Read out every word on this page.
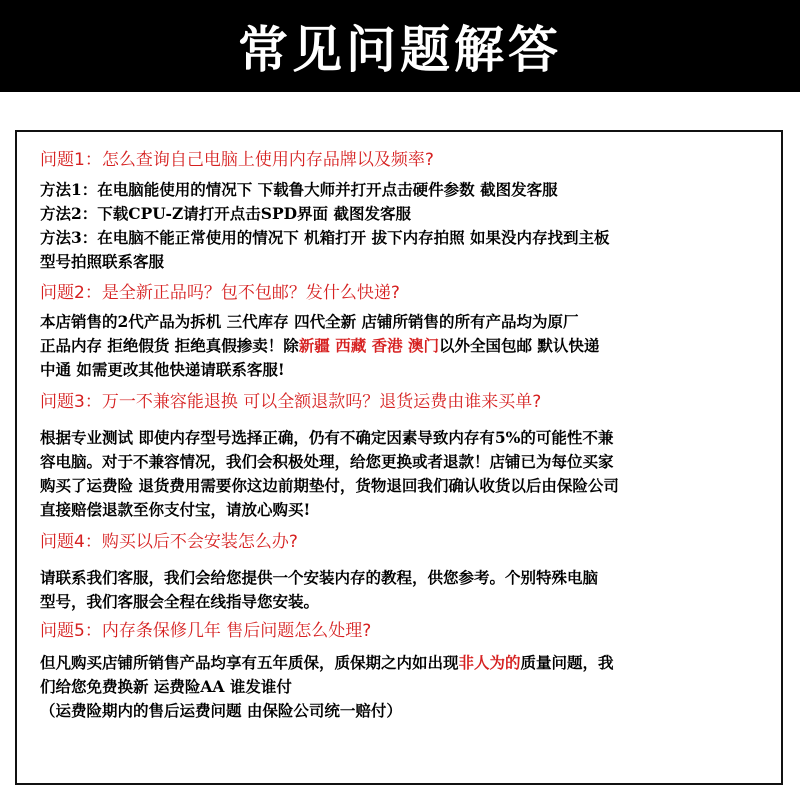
常见问题解答
问题1：怎么查询自己电脑上使用内存品牌以及频率?
方法1：在电脑能使用的情况下 下载鲁大师并打开点击硬件参数 截图发客服
方法2：下载CPU-Z请打开点击SPD界面 截图发客服
方法3：在电脑不能正常使用的情况下 机箱打开 拔下内存拍照 如果没内存找到主板
型号拍照联系客服
问题2：是全新正品吗？包不包邮？发什么快递?
本店销售的2代产品为拆机 三代库存 四代全新 店铺所销售的所有产品均为原厂
正品内存 拒绝假货 拒绝真假掺卖！除新疆 西藏 香港 澳门以外全国包邮 默认快递
中通 如需更改其他快递请联系客服!
问题3：万一不兼容能退换 可以全额退款吗？退货运费由谁来买单?
根据专业测试 即使内存型号选择正确，仍有不确定因素导致内存有5%的可能性不兼
容电脑。对于不兼容情况，我们会积极处理，给您更换或者退款！店铺已为每位买家
购买了运费险 退货费用需要你这边前期垫付，货物退回我们确认收货以后由保险公司
直接赔偿退款至你支付宝，请放心购买!
问题4：购买以后不会安装怎么办?
请联系我们客服，我们会给您提供一个安装内存的教程，供您参考。个别特殊电脑
型号，我们客服会全程在线指导您安装。
问题5：内存条保修几年 售后问题怎么处理?
但凡购买店铺所销售产品均享有五年质保，质保期之内如出现非人为的质量问题，我
们给您免费换新 运费险AA 谁发谁付
（运费险期内的售后运费问题 由保险公司统一赔付）
